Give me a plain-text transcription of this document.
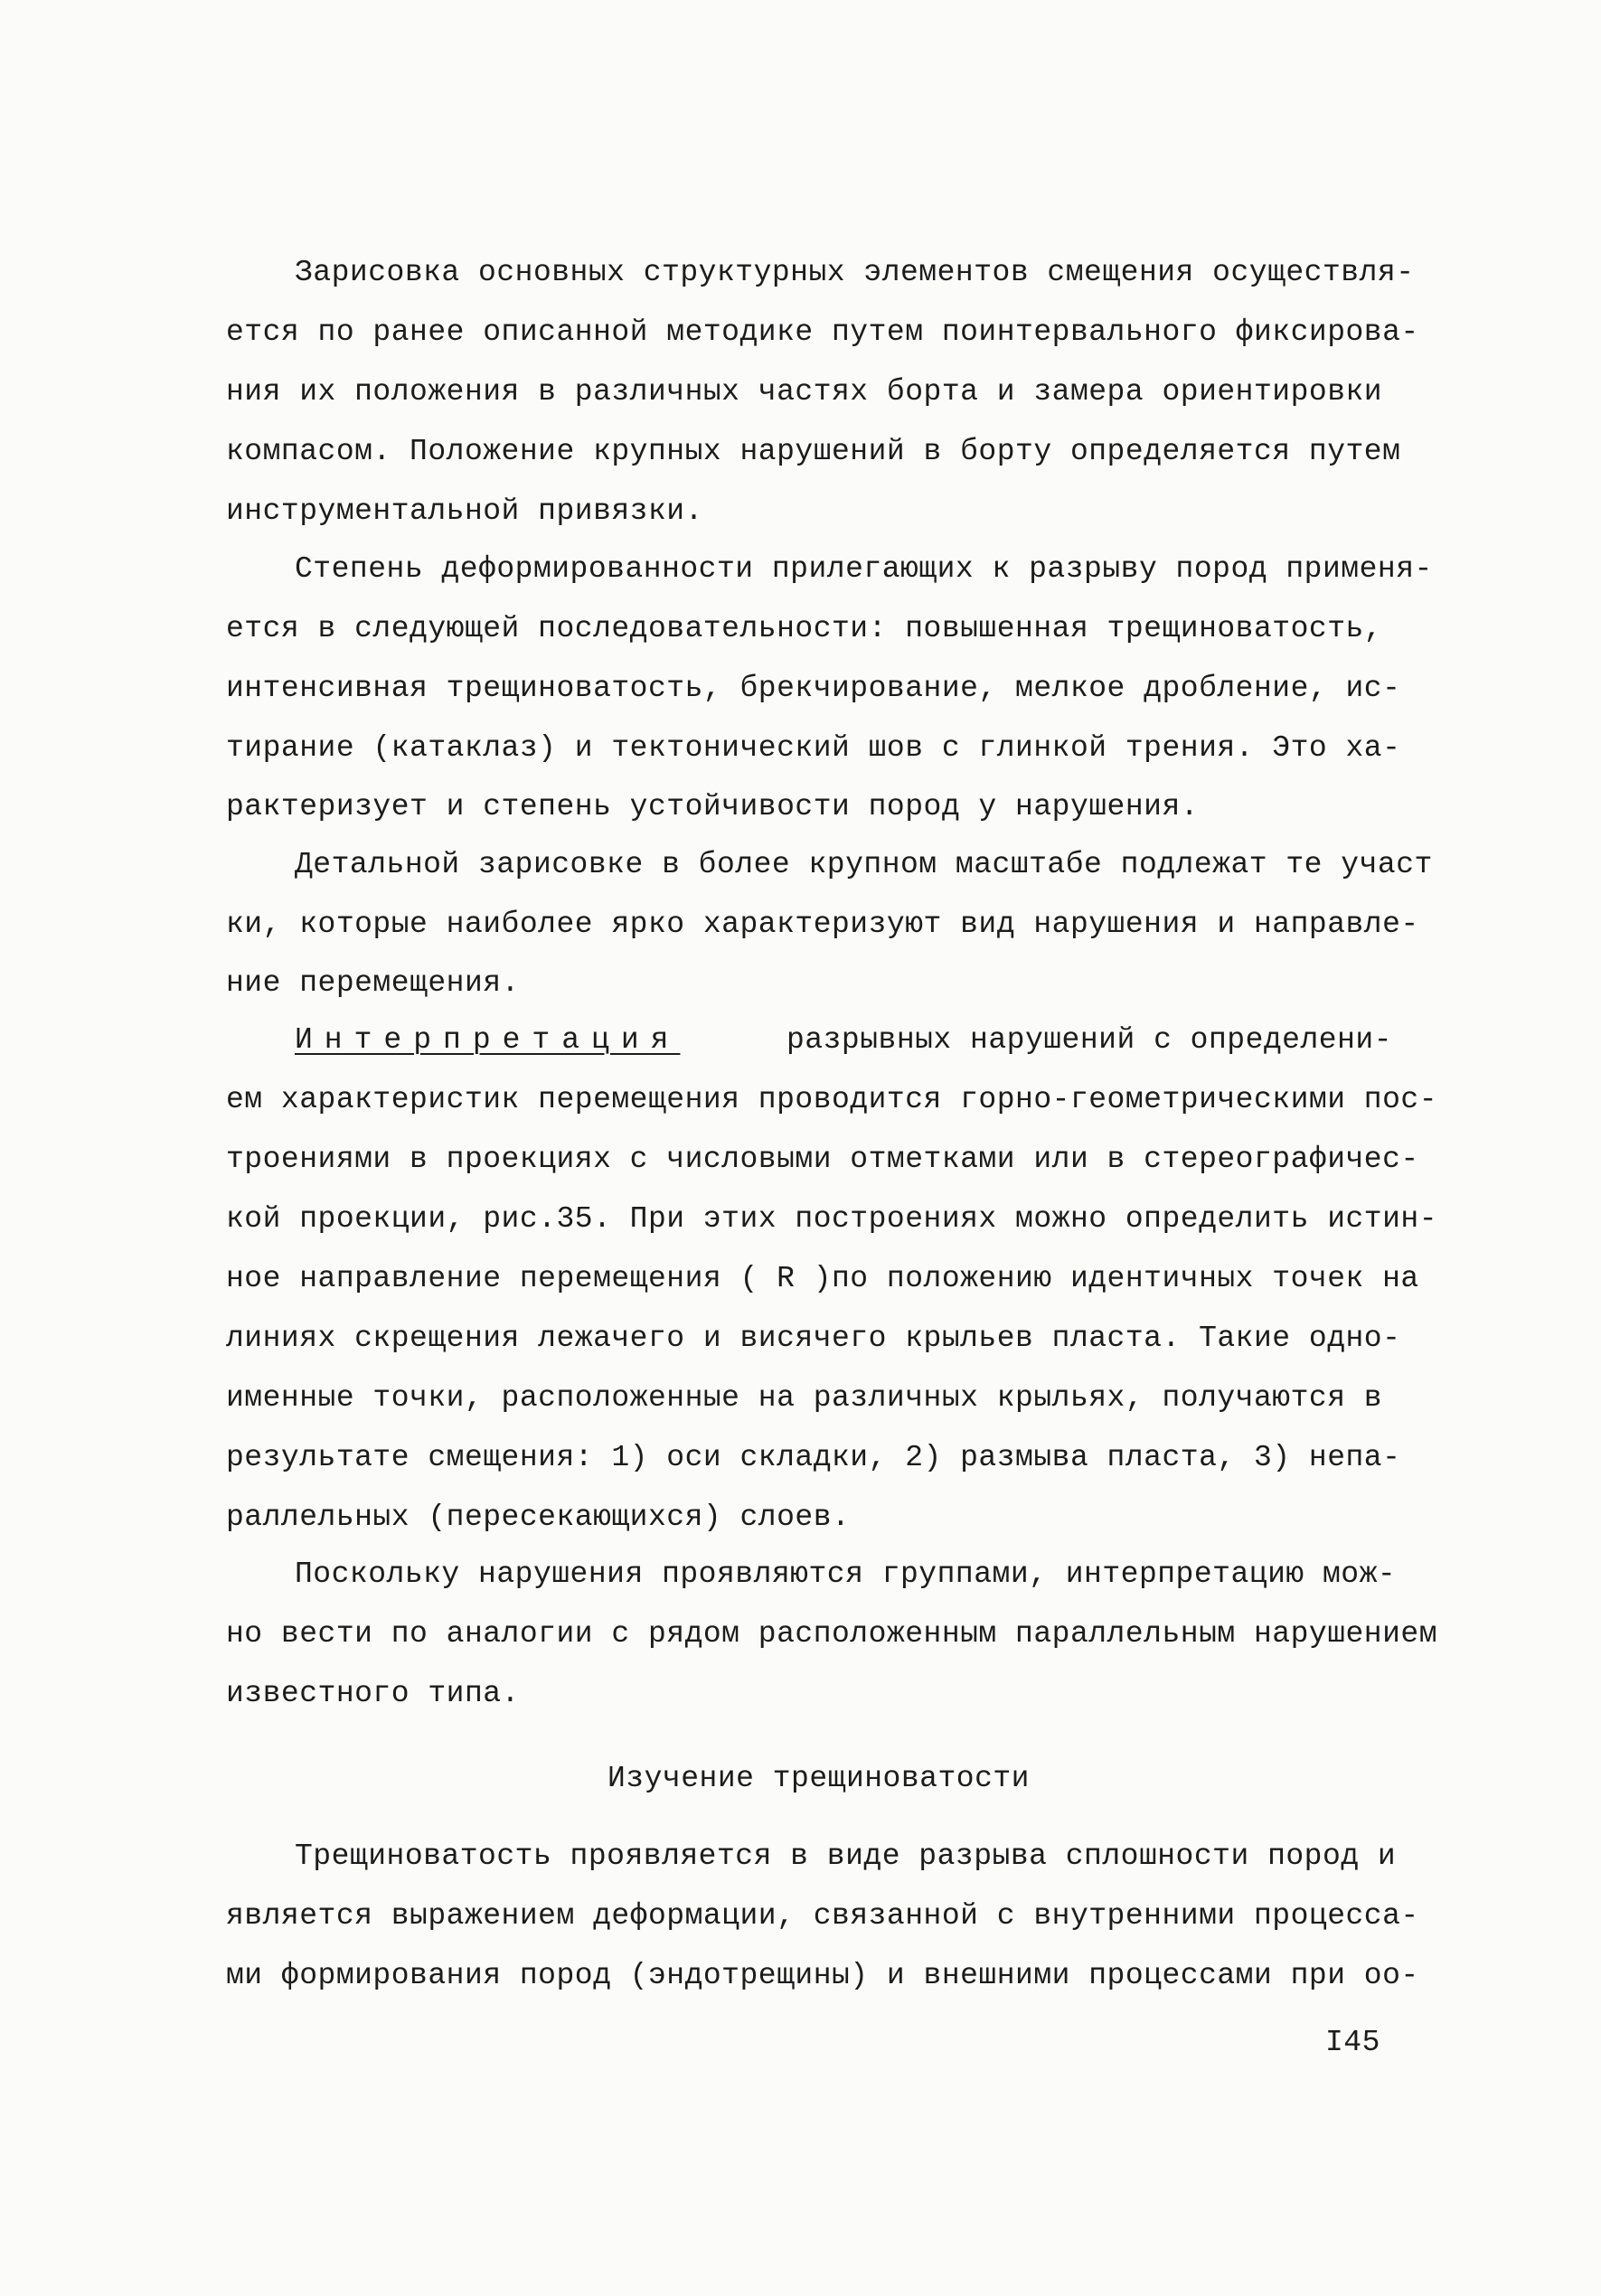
Зарисовка основных структурных элементов смещения осуществля-
ется по ранее описанной методике путем поинтервального фиксирова-
ния их положения в различных частях борта и замера ориентировки
компасом. Положение крупных нарушений в борту определяется путем
инструментальной привязки.
Степень деформированности прилегающих к разрыву пород применя-
ется в следующей последовательности: повышенная трещиноватость,
интенсивная трещиноватость, брекчирование, мелкое дробление, ис-
тирание (катаклаз) и тектонический шов с глинкой трения. Это ха-
рактеризует и степень устойчивости пород у нарушения.
Детальной зарисовке в более крупном масштабе подлежат те участ
ки, которые наиболее ярко характеризуют вид нарушения и направле-
ние перемещения.
Интерпретация	разрывных нарушений с определени-
ем характеристик перемещения проводится горно-геометрическими пос-
троениями в проекциях с числовыми отметками или в стереографичес-
кой проекции, рис.35. При этих построениях можно определить истин-
ное направление перемещения ( R )по положению идентичных точек на
линиях скрещения лежачего и висячего крыльев пласта. Такие одно-
именные точки, расположенные на различных крыльях, получаются в
результате смещения: 1) оси складки, 2) размыва пласта, 3) непа-
раллельных (пересекающихся) слоев.
Поскольку нарушения проявляются группами, интерпретацию мож-
но вести по аналогии с рядом расположенным параллельным нарушением
известного типа.
Изучение трещиноватости
Трещиноватость проявляется в виде разрыва сплошности пород и
является выражением деформации, связанной с внутренними процесса-
ми формирования пород (эндотрещины) и внешними процессами при оо-
I45
